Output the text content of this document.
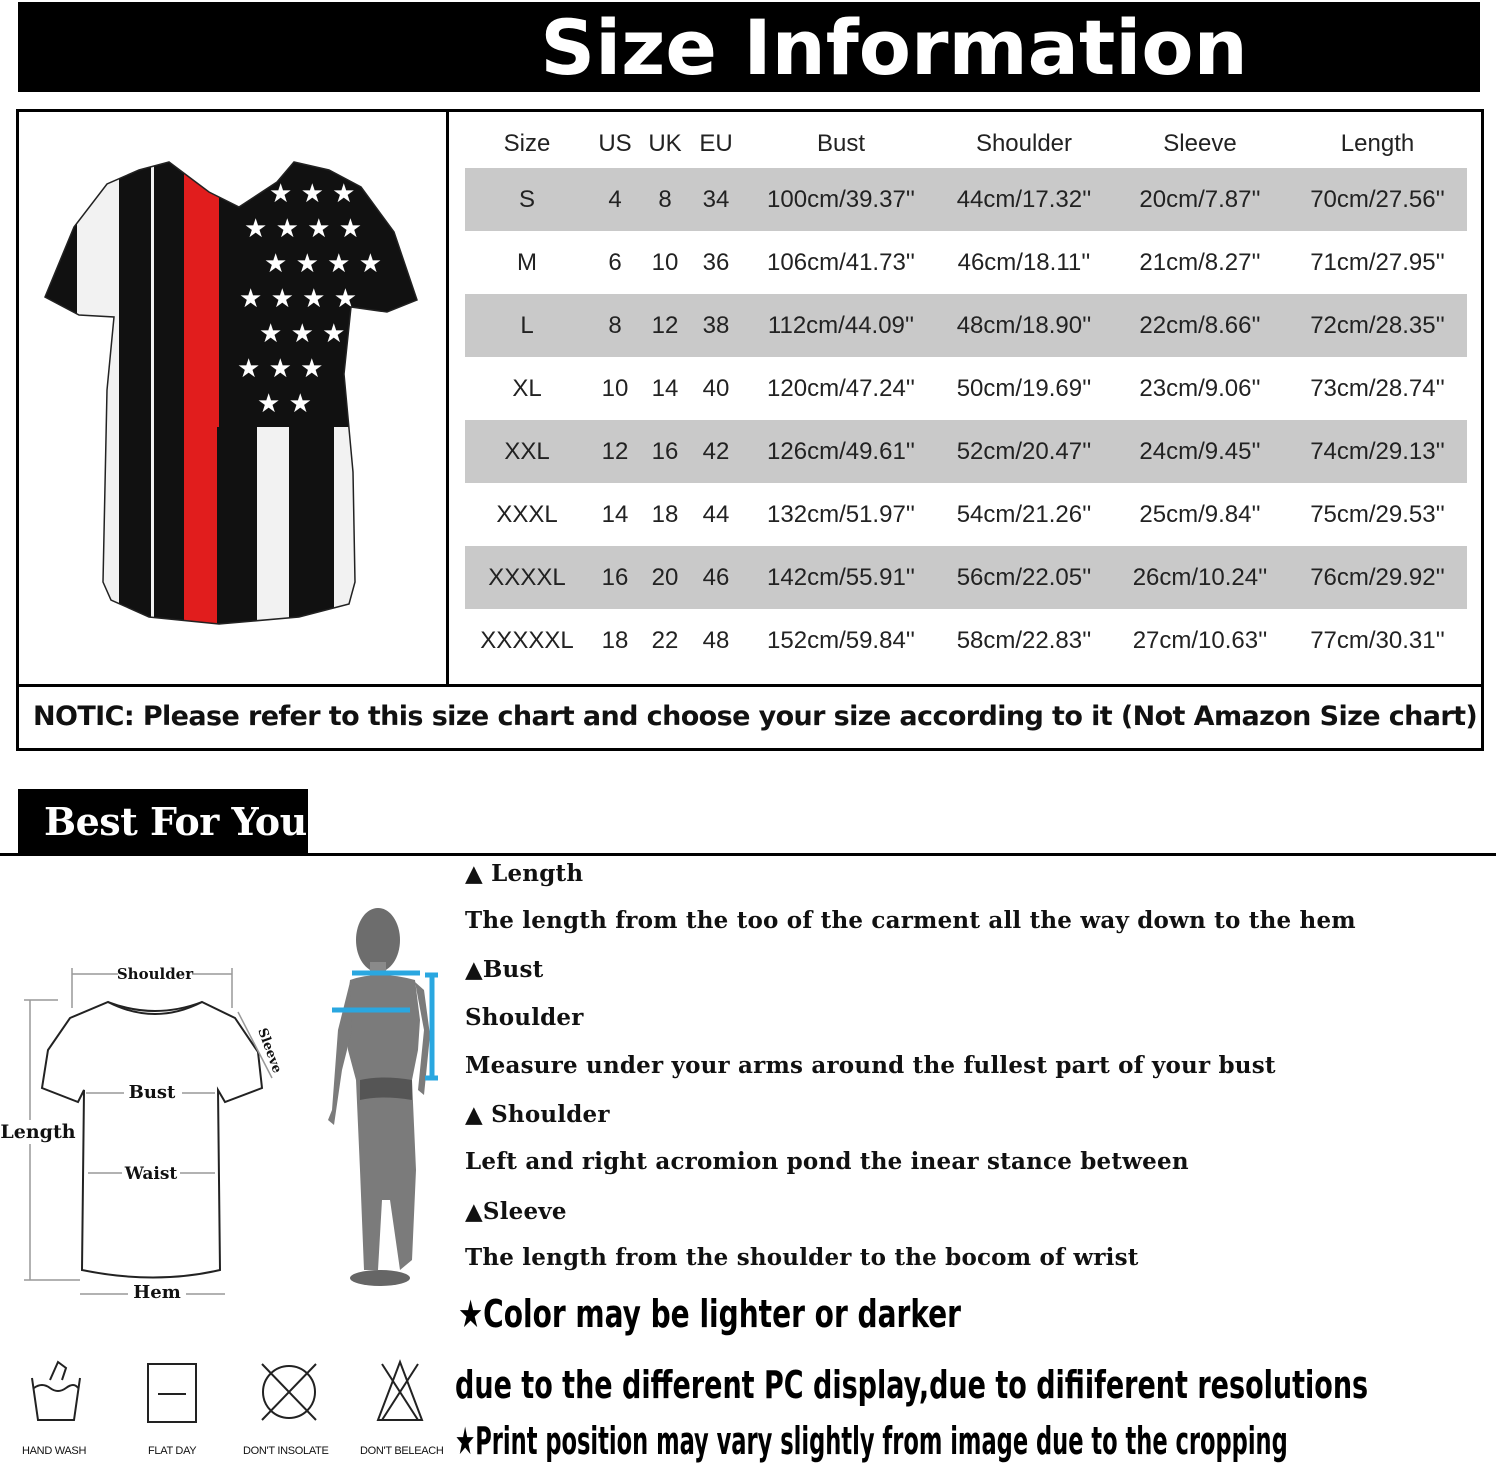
Size Information
★ ★ ★
★ ★ ★ ★
★ ★ ★ ★
★ ★ ★ ★
★ ★ ★
★ ★ ★
★ ★
Size	US UK EU	Bust	Shoulder	Sleeve	Length
S	4	8	34	100cm/39.37''	44cm/17.32''	20cm/7.87''	70cm/27.56''
M	6	10	36	106cm/41.73''	46cm/18.11''	21cm/8.27''	71cm/27.95''
L	8	12	38	112cm/44.09''	48cm/18.90''	22cm/8.66''	72cm/28.35''
XL	10 14	40	120cm/47.24''	50cm/19.69''	23cm/9.06''	73cm/28.74''
XXL	12 16	42	126cm/49.61''	52cm/20.47''	24cm/9.45''	74cm/29.13''
XXXL	14 18	44	132cm/51.97''	54cm/21.26''	25cm/9.84''	75cm/29.53''
XXXXL	16 20	46	142cm/55.91''	56cm/22.05''	26cm/10.24''	76cm/29.92''
XXXXXL	18 22	48	152cm/59.84''	58cm/22.83''	27cm/10.63''	77cm/30.31''
NOTIC: Please refer to this size chart and choose your size according to it (Not Amazon Size chart)
Best For You
Shoulder
Bust
Waist
Hem
Length
Sleeve
▲ Length
The length from the too of the carment all the way down to the hem
▲Bust
Shoulder
Measure under your arms around the fullest part of your bust
▲ Shoulder
Left and right acromion pond the inear stance between
▲Sleeve
The length from the shoulder to the bocom of wrist
★Color may be lighter or darker
due to the different PC display,due to difiiferent resolutions
★Print position may vary slightly from image due to the cropping
HAND WASH	FLAT DAY	DON'T INSOLATE	DON'T BELEACH
